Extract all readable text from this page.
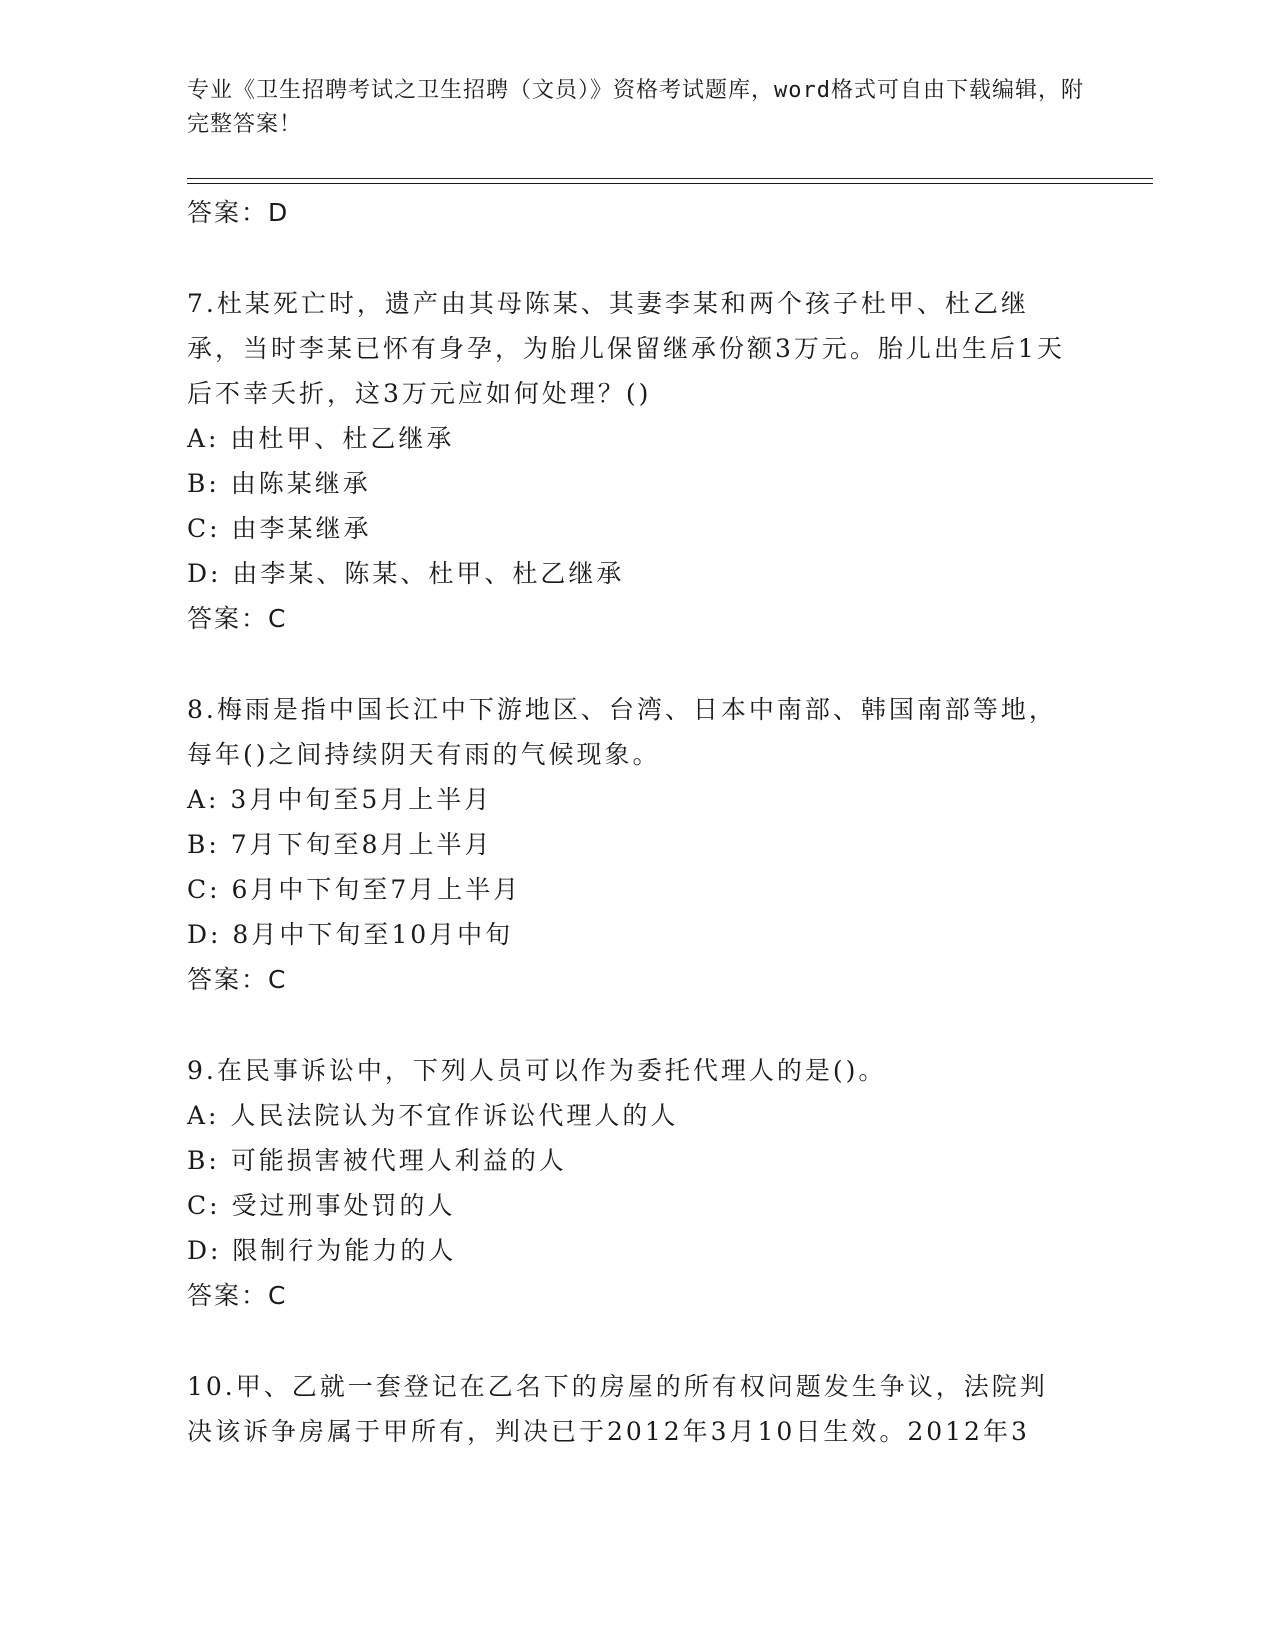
专业《卫生招聘考试之卫生招聘（文员）》资格考试题库，word格式可自由下载编辑，附完整答案！
答案：D

7.杜某死亡时，遗产由其母陈某、其妻李某和两个孩子杜甲、杜乙继承，当时李某已怀有身孕，为胎儿保留继承份额3万元。胎儿出生后1天后不幸夭折，这3万元应如何处理？()

A: 由杜甲、杜乙继承
B: 由陈某继承
C: 由李某继承
D: 由李某、陈某、杜甲、杜乙继承
答案：C

8.梅雨是指中国长江中下游地区、台湾、日本中南部、韩国南部等地，每年()之间持续阴天有雨的气候现象。

A: 3月中旬至5月上半月
B: 7月下旬至8月上半月
C: 6月中下旬至7月上半月
D: 8月中下旬至10月中旬
答案：C

9.在民事诉讼中，下列人员可以作为委托代理人的是()。

A: 人民法院认为不宜作诉讼代理人的人
B: 可能损害被代理人利益的人
C: 受过刑事处罚的人
D: 限制行为能力的人
答案：C

10.甲、乙就一套登记在乙名下的房屋的所有权问题发生争议，法院判决该诉争房属于甲所有，判决已于2012年3月10日生效。2012年3
